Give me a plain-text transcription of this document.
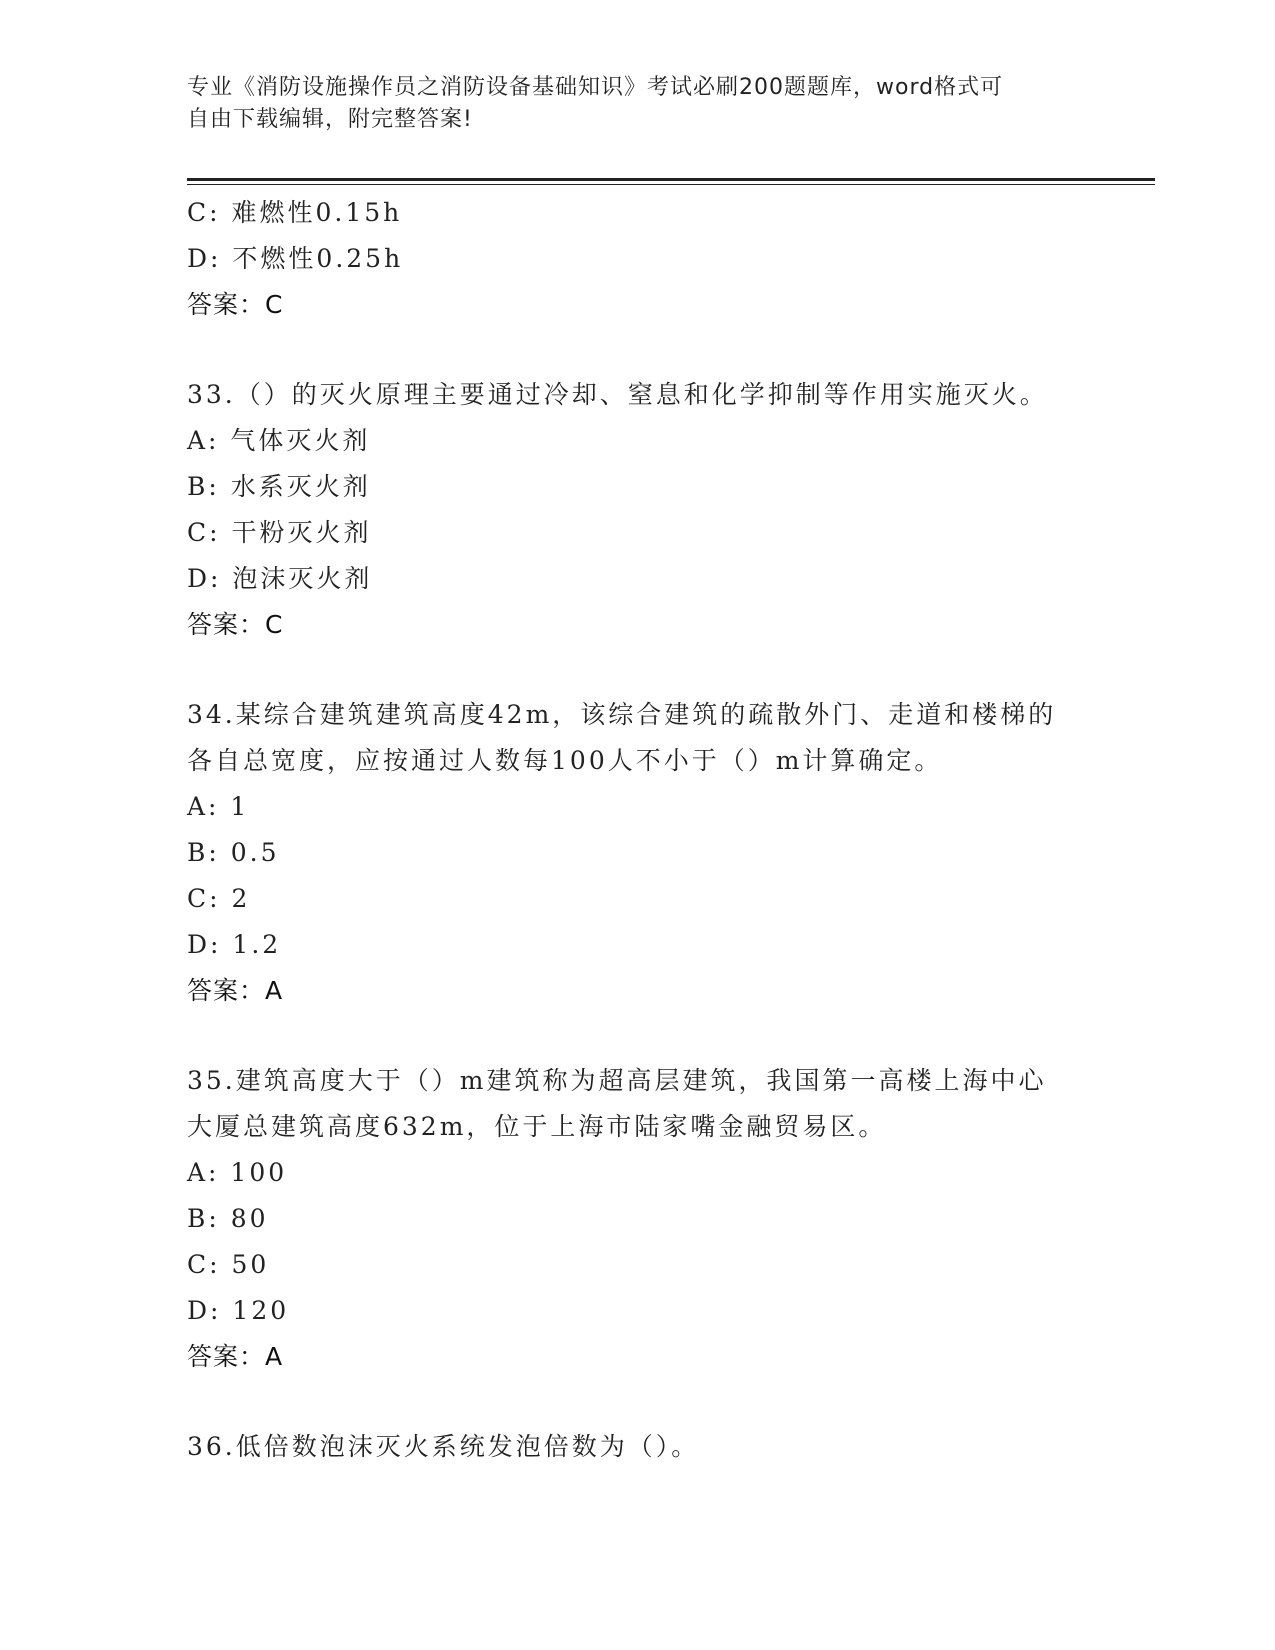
专业《消防设施操作员之消防设备基础知识》考试必刷200题题库，word格式可
自由下载编辑，附完整答案!
C: 难燃性0.15h
D: 不燃性0.25h
答案：C
33.（）的灭火原理主要通过冷却、窒息和化学抑制等作用实施灭火。
A: 气体灭火剂
B: 水系灭火剂
C: 干粉灭火剂
D: 泡沫灭火剂
答案：C
34.某综合建筑建筑高度42m，该综合建筑的疏散外门、走道和楼梯的
各自总宽度，应按通过人数每100人不小于（）m计算确定。
A: 1
B: 0.5
C: 2
D: 1.2
答案：A
35.建筑高度大于（）m建筑称为超高层建筑，我国第一高楼上海中心
大厦总建筑高度632m，位于上海市陆家嘴金融贸易区。
A: 100
B: 80
C: 50
D: 120
答案：A
36.低倍数泡沫灭火系统发泡倍数为（）。
